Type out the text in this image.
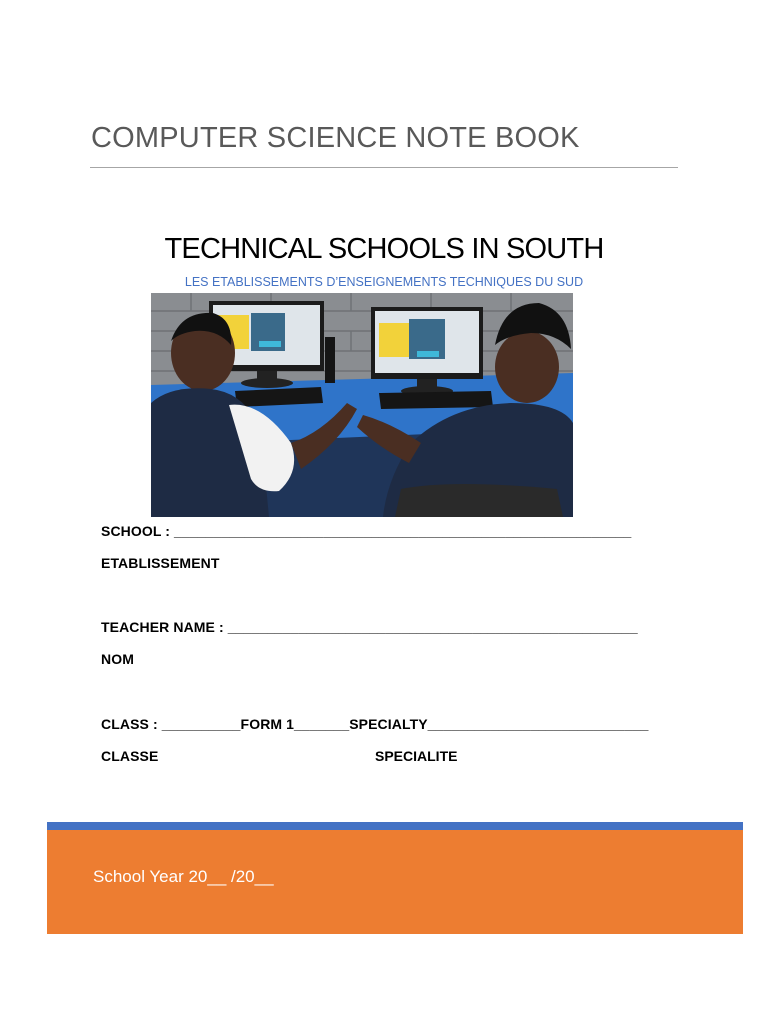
COMPUTER SCIENCE NOTE BOOK
TECHNICAL SCHOOLS IN SOUTH
LES ETABLISSEMENTS D’ENSEIGNEMENTS TECHNIQUES DU SUD
SCHOOL : __________________________________________________________
ETABLISSEMENT
TEACHER NAME : ____________________________________________________
NOM
CLASS : __________FORM 1_______SPECIALTY____________________________
CLASSE	SPECIALITE
School Year 20__ /20__
